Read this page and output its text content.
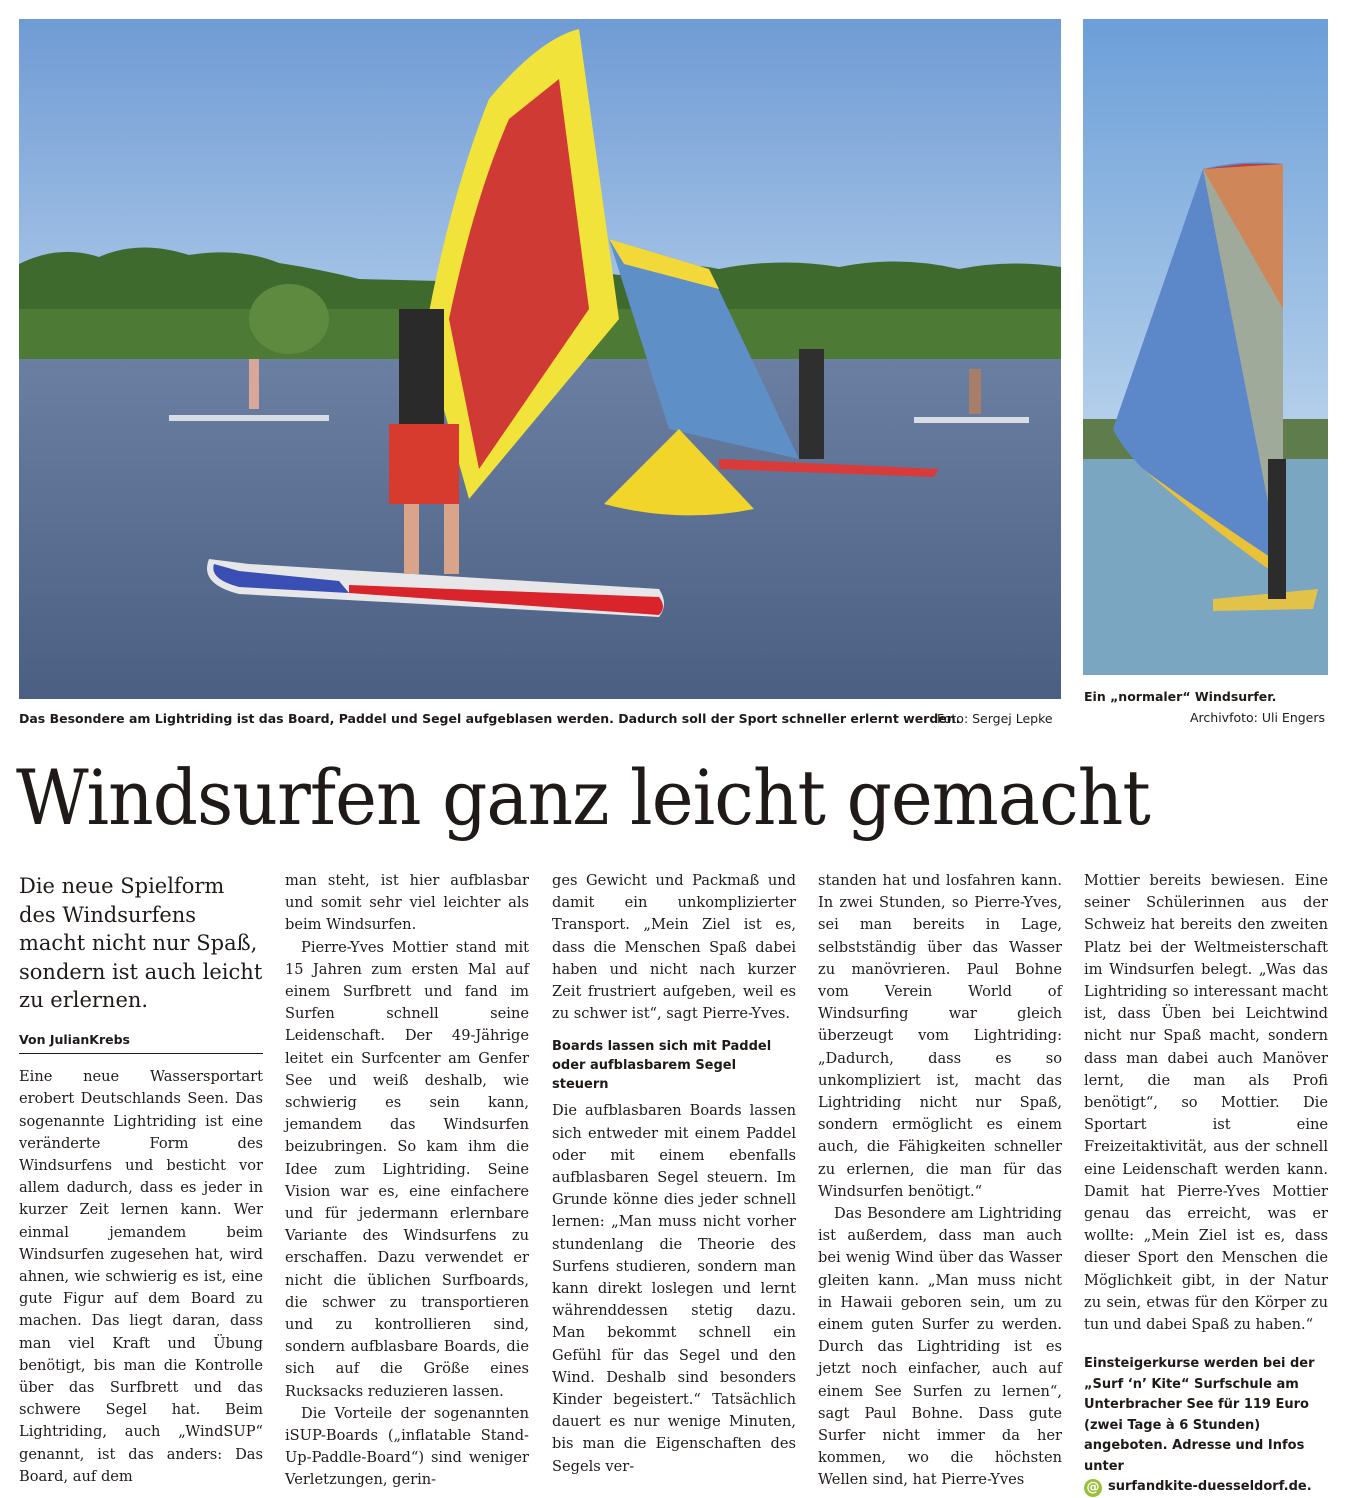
Das Besondere am Lightriding ist das Board, Paddel und Segel aufgeblasen werden. Dadurch soll der Sport schneller erlernt werden.
Foto: Sergej Lepke
Ein „normaler“ Windsurfer.
Archivfoto: Uli Engers
Windsurfen ganz leicht gemacht
Die neue Spielform des Windsurfens macht nicht nur Spaß, sondern ist auch leicht zu erlernen.
Von JulianKrebs

Eine neue Wassersportart erobert Deutschlands Seen. Das sogenannte Lightriding ist eine veränderte Form des Windsurfens und besticht vor allem dadurch, dass es jeder in kurzer Zeit lernen kann. Wer einmal jemandem beim Windsurfen zugesehen hat, wird ahnen, wie schwierig es ist, eine gute Figur auf dem Board zu machen. Das liegt daran, dass man viel Kraft und Übung benötigt, bis man die Kontrolle über das Surfbrett und das schwere Segel hat. Beim Lightriding, auch „WindSUP“ genannt, ist das anders: Das Board, auf dem

man steht, ist hier aufblasbar und somit sehr viel leichter als beim Windsurfen.

Pierre-Yves Mottier stand mit 15 Jahren zum ersten Mal auf einem Surfbrett und fand im Surfen schnell seine Leidenschaft. Der 49-Jährige leitet ein Surfcenter am Genfer See und weiß deshalb, wie schwierig es sein kann, jemandem das Windsurfen beizubringen. So kam ihm die Idee zum Lightriding. Seine Vision war es, eine einfachere und für jedermann erlernbare Variante des Windsurfens zu erschaffen. Dazu verwendet er nicht die üblichen Surfboards, die schwer zu transportieren und zu kontrollieren sind, sondern aufblasbare Boards, die sich auf die Größe eines Rucksacks reduzieren lassen.

Die Vorteile der sogenannten iSUP-Boards („inflatable Stand-Up-Paddle-Board“) sind weniger Verletzungen, gerin-

ges Gewicht und Packmaß und damit ein unkomplizierter Transport. „Mein Ziel ist es, dass die Menschen Spaß dabei haben und nicht nach kurzer Zeit frustriert aufgeben, weil es zu schwer ist“, sagt Pierre-Yves.

Boards lassen sich mit Paddel oder aufblasbarem Segel steuern

Die aufblasbaren Boards lassen sich entweder mit einem Paddel oder mit einem ebenfalls aufblasbaren Segel steuern. Im Grunde könne dies jeder schnell lernen: „Man muss nicht vorher stundenlang die Theorie des Surfens studieren, sondern man kann direkt loslegen und lernt währenddessen stetig dazu. Man bekommt schnell ein Gefühl für das Segel und den Wind. Deshalb sind besonders Kinder begeistert.“ Tatsächlich dauert es nur wenige Minuten, bis man die Eigenschaften des Segels ver-

standen hat und losfahren kann. In zwei Stunden, so Pierre-Yves, sei man bereits in Lage, selbstständig über das Wasser zu manövrieren. Paul Bohne vom Verein World of Windsurfing war gleich überzeugt vom Lightriding: „Dadurch, dass es so unkompliziert ist, macht das Lightriding nicht nur Spaß, sondern ermöglicht es einem auch, die Fähigkeiten schneller zu erlernen, die man für das Windsurfen benötigt.“

Das Besondere am Lightriding ist außerdem, dass man auch bei wenig Wind über das Wasser gleiten kann. „Man muss nicht in Hawaii geboren sein, um zu einem guten Surfer zu werden. Durch das Lightriding ist es jetzt noch einfacher, auch auf einem See Surfen zu lernen“, sagt Paul Bohne. Dass gute Surfer nicht immer da her kommen, wo die höchsten Wellen sind, hat Pierre-Yves

Mottier bereits bewiesen. Eine seiner Schülerinnen aus der Schweiz hat bereits den zweiten Platz bei der Weltmeisterschaft im Windsurfen belegt. „Was das Lightriding so interessant macht ist, dass Üben bei Leichtwind nicht nur Spaß macht, sondern dass man dabei auch Manöver lernt, die man als Profi benötigt“, so Mottier. Die Sportart ist eine Freizeitaktivität, aus der schnell eine Leidenschaft werden kann. Damit hat Pierre-Yves Mottier genau das erreicht, was er wollte: „Mein Ziel ist es, dass dieser Sport den Menschen die Möglichkeit gibt, in der Natur zu sein, etwas für den Körper zu tun und dabei Spaß zu haben.“

Einsteigerkurse werden bei der „Surf ‘n’ Kite“ Surfschule am Unterbracher See für 119 Euro (zwei Tage à 6 Stunden) angeboten. Adresse und Infos unter
@ surfandkite-duesseldorf.de.
